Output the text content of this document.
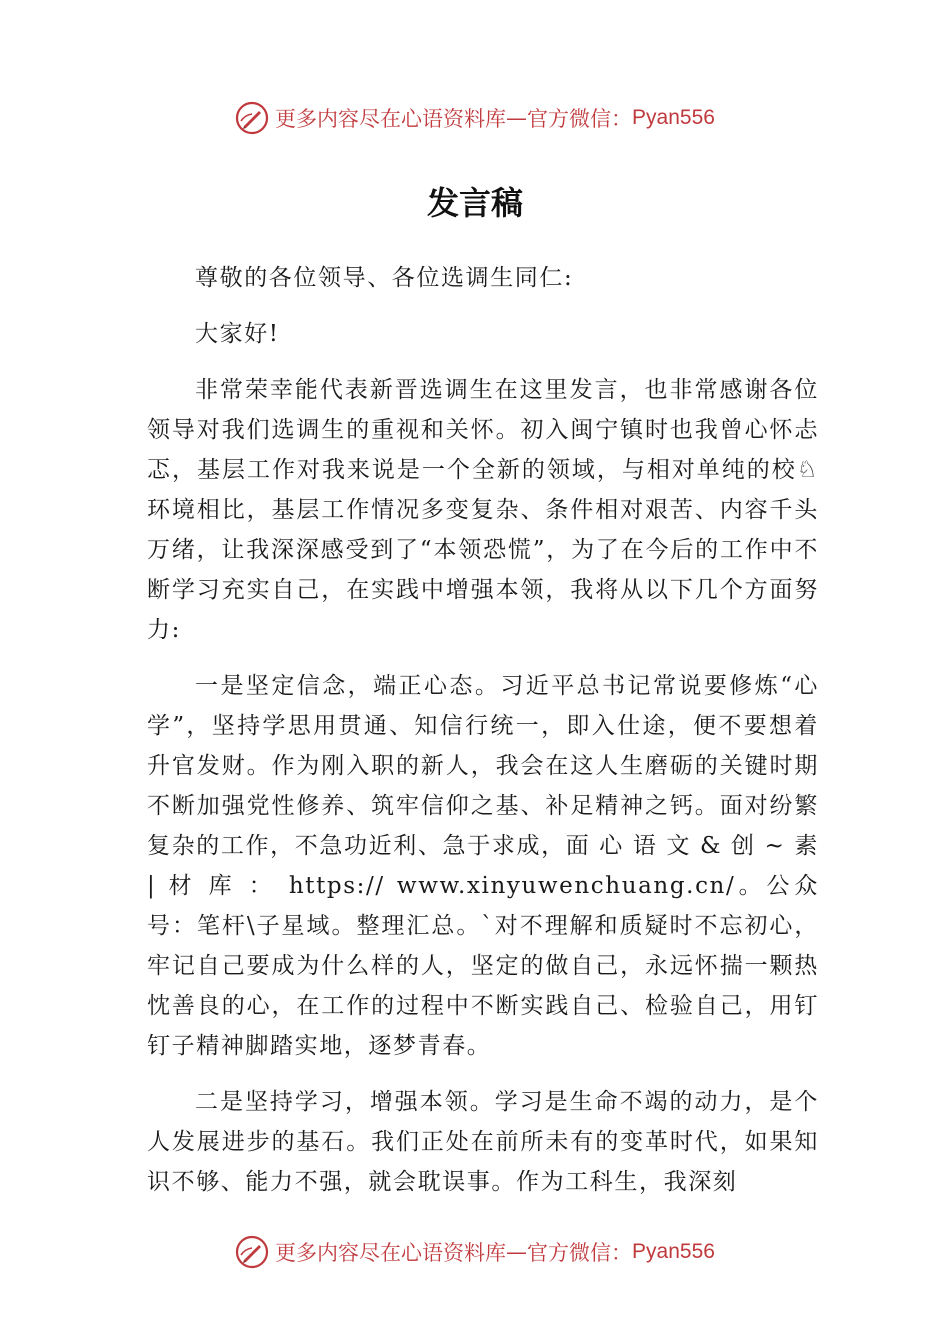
更多内容尽在心语资料库 — 官方微信： Pyan556
发言稿

尊敬的各位领导、各位选调生同仁:

大家好!

非常荣幸能代表新晋选调生在这里发言，也非常感谢各位领导对我们选调生的重视和关怀。初入闽宁镇时也我曾心怀忐忑，基层工作对我来说是一个全新的领域，与相对单纯的校♘环境相比，基层工作情况多变复杂、条件相对艰苦、内容千头万绪，让我深深感受到了“本领恐慌”，为了在今后的工作中不断学习充实自己，在实践中增强本领，我将从以下几个方面努力:

一是坚定信念，端正心态。习近平总书记常说要修炼“心学”，坚持学思用贯通、知信行统一，即入仕途，便不要想着升官发财。作为刚入职的新人，我会在这人生磨砺的关键时期不断加强党性修养、筑牢信仰之基、补足精神之钙。面对纷繁复杂的工作，不急功近利、急于求成，面 心 语 文 & 创 ~ 素 | 材 库 ： https:// www.xinyuwenchuang.cn/。公众号：笔杆\子星域。整理汇总。`对不理解和质疑时不忘初心，牢记自己要成为什么样的人，坚定的做自己，永远怀揣一颗热忱善良的心，在工作的过程中不断实践自己、检验自己，用钉钉子精神脚踏实地，逐梦青春。

二是坚持学习，增强本领。学习是生命不竭的动力，是个人发展进步的基石。我们正处在前所未有的变革时代，如果知识不够、能力不强，就会耽误事。作为工科生，我深刻

更多内容尽在心语资料库 — 官方微信： Pyan556
